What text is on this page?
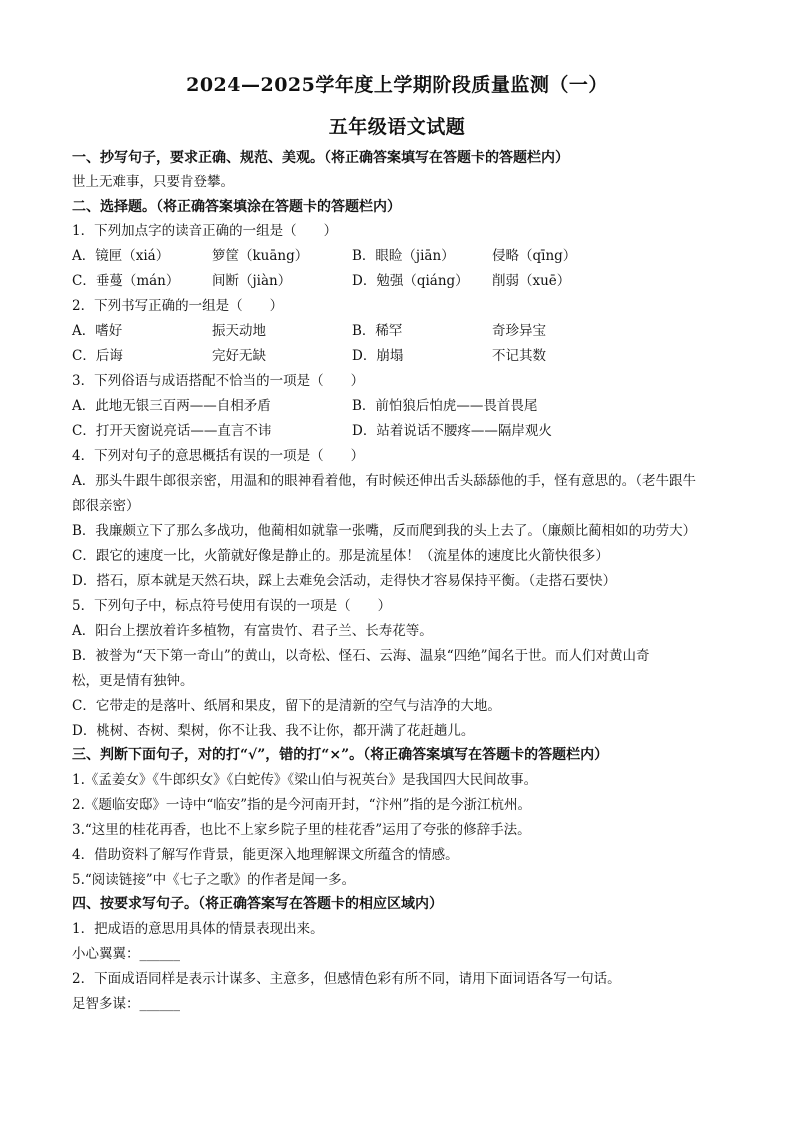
2024—2025学年度上学期阶段质量监测（一）
五年级语文试题
一、抄写句子，要求正确、规范、美观。（将正确答案填写在答题卡的答题栏内）
世上无难事，只要肯登攀。
二、选择题。（将正确答案填涂在答题卡的答题栏内）
1．下列加点字的读音正确的一组是（　　）
A．镜匣（xiá）	箩筐（kuāng）	B．眼睑（jiān）	侵略（qīng）
C．垂蔓（mán） 间断（jiàn）	D．勉强（qiáng） 削弱（xuē）
2．下列书写正确的一组是（　　）
A．嗜好	振天动地	B．稀罕	奇珍异宝
C．后诲	完好无缺	D．崩塌	不记其数
3．下列俗语与成语搭配不恰当的一项是（　　）
A．此地无银三百两——自相矛盾	B．前怕狼后怕虎——畏首畏尾
C．打开天窗说亮话——直言不讳	D．站着说话不腰疼——隔岸观火
4．下列对句子的意思概括有误的一项是（　　）
A．那头牛跟牛郎很亲密，用温和的眼神看着他，有时候还伸出舌头舔舔他的手，怪有意思的。（老牛跟牛
郎很亲密）
B．我廉颇立下了那么多战功，他蔺相如就靠一张嘴，反而爬到我的头上去了。（廉颇比蔺相如的功劳大）
C．跟它的速度一比，火箭就好像是静止的。那是流星体！（流星体的速度比火箭快很多）
D．搭石，原本就是天然石块，踩上去难免会活动，走得快才容易保持平衡。（走搭石要快）
5．下列句子中，标点符号使用有误的一项是（　　）
A．阳台上摆放着许多植物，有富贵竹、君子兰、长寿花等。
B．被誉为“天下第一奇山”的黄山，以奇松、怪石、云海、温泉“四绝”闻名于世。而人们对黄山奇
松，更是情有独钟。
C．它带走的是落叶、纸屑和果皮，留下的是清新的空气与洁净的大地。
D．桃树、杏树、梨树，你不让我、我不让你，都开满了花赶趟儿。
三、判断下面句子，对的打“√”，错的打“×”。（将正确答案填写在答题卡的答题栏内）
1.《孟姜女》《牛郎织女》《白蛇传》《梁山伯与祝英台》是我国四大民间故事。
2.《题临安邸》一诗中“临安”指的是今河南开封，“汴州”指的是今浙江杭州。
3.“这里的桂花再香，也比不上家乡院子里的桂花香”运用了夸张的修辞手法。
4．借助资料了解写作背景，能更深入地理解课文所蕴含的情感。
5.“阅读链接”中《七子之歌》的作者是闻一多。
四、按要求写句子。（将正确答案写在答题卡的相应区域内）
1．把成语的意思用具体的情景表现出来。
小心翼翼：______
2．下面成语同样是表示计谋多、主意多，但感情色彩有所不同，请用下面词语各写一句话。
足智多谋：______
